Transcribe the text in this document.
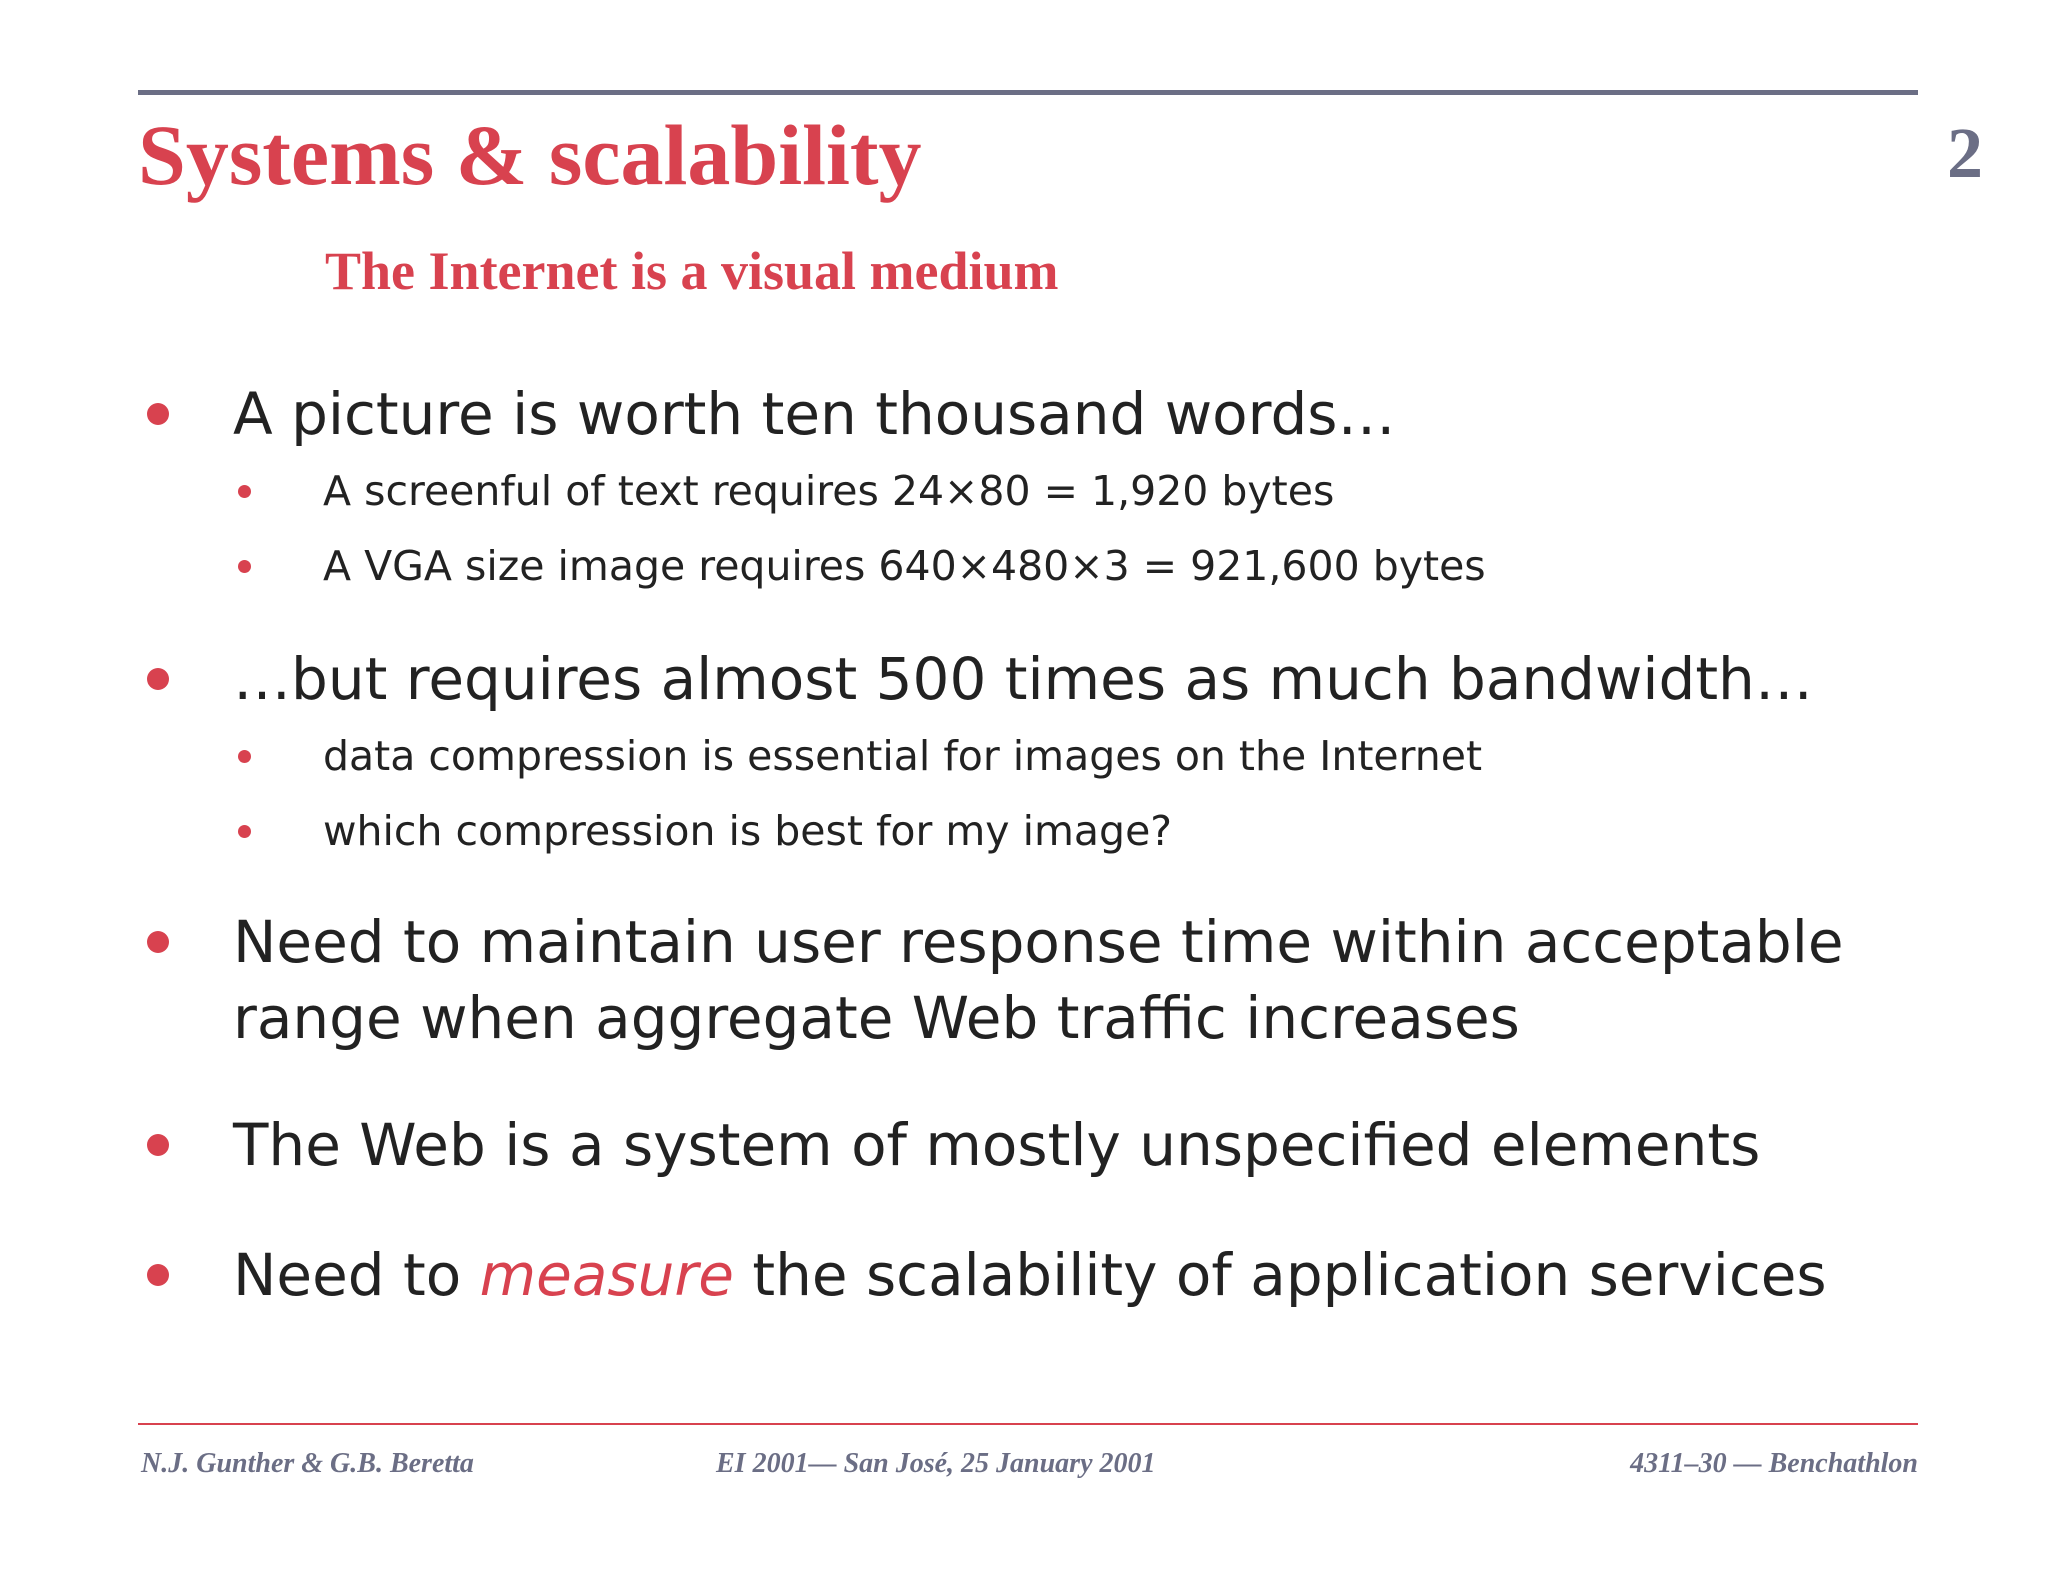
Systems & scalability	2
The Internet is a visual medium
A picture is worth ten thousand words…
A screenful of text requires 24×80 = 1,920 bytes
A VGA size image requires 640×480×3 = 921,600 bytes
…but requires almost 500 times as much bandwidth…
data compression is essential for images on the Internet
which compression is best for my image?
Need to maintain user response time within acceptable
range when aggregate Web traffic increases
The Web is a system of mostly unspecified elements
Need to measure the scalability of application services
N.J. Gunther & G.B. Beretta	EI 2001— San José, 25 January 2001	4311–30 — Benchathlon
